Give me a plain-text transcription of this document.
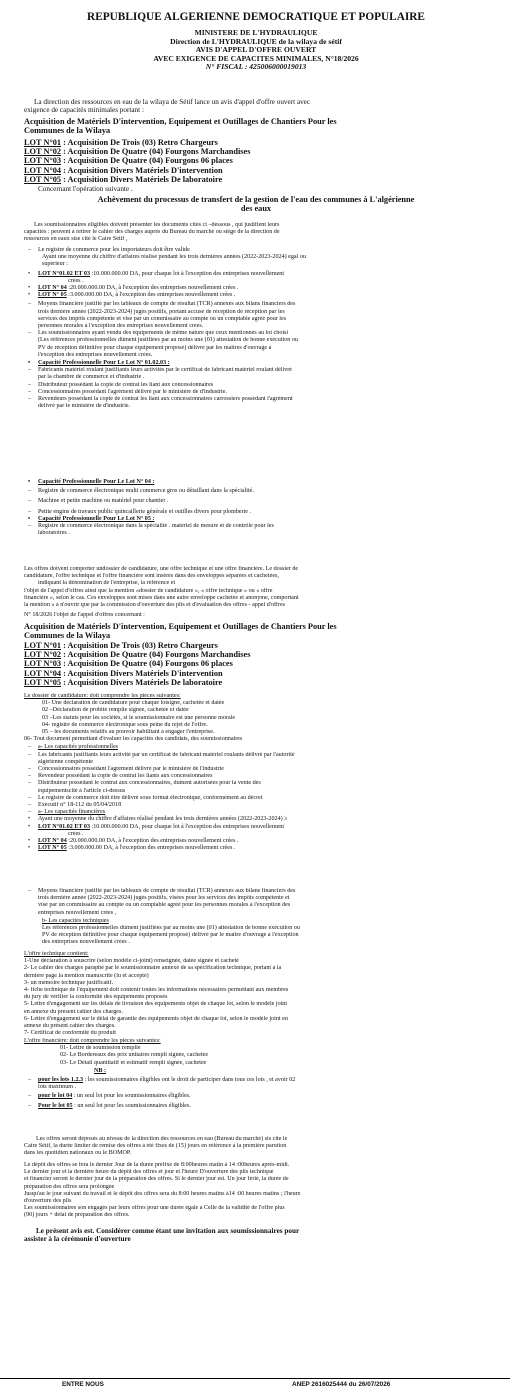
REPUBLIQUE ALGERIENNE DEMOCRATIQUE ET POPULAIRE
MINISTERE DE L'HYDRAULIQUE
Direction de L'HYDRAULIQUE de la wilaya de sétif
AVIS D'APPEL D'OFFRE OUVERT
AVEC EXIGENCE DE CAPACITES MINIMALES, N°18/2026
N° FISCAL : 425006000019013
La direction des ressources en eau de la wilaya de Sétif lance un avis d'appel d'offre ouvert avec
exigence de capacités minimales portant :
Acquisition de Matériels D'intervention, Equipement et Outillages de Chantiers Pour les
Communes de la Wilaya
LOT N°01 : Acquisition De Trois (03) Retro Chargeurs
LOT N°02 : Acquisition De Quatre (04) Fourgons Marchandises
LOT N°03 : Acquisition De Quatre (04) Fourgons 06 places
LOT N°04 : Acquisition Divers Matériels D'intervention
LOT N°05 : Acquisition Divers Matériels De laboratoire
Concernant l'opération suivante .
Achèvement du processus de transfert de la gestion de l'eau des communes à L'algérienne
des eaux
Les soumissionnaires éligibles doivent présenter les documents cités ci –dessous , qui justifient leurs
capacités : peuvent à retirer le cahier des charges auprès du Bureau du marché ou siège de la direction de
ressources en eaux sise cité le Caire Sétif ,
– Le registre de commerce pour les importateurs doit être valide
Ayant une moyenne du chiffre d'affaires réalisé pendant les trois dernières années (2022-2023-2024) égal ou
supérieur :
• LOT N°01.02 ET 03 :10.000.000.00 DA, pour chaque lot à l'exception des entreprises nouvellement
crées .
• LOT N° 04 :20.000.000.00 DA, à l'exception des entreprises nouvellement crées .
• LOT N° 05 :3.000.000.00 DA, à l'exception des entreprises nouvellement crées .
– Moyens financière justifié par les tableaux de compte de résultat (TCR) annexés aux bilans financiers des
trois dernière année (2022-2023-2024) jugés positifs, portant accusé de réception de réception par les
services des impôts compétente et visé par un commissaire au compte ou un comptable agréé pour les
personnes morales à l'exception des entreprises nouvellement crées.
– Les soumissionnaires ayant vendu des équipements de même nature que ceux mentionnés au lot choisi
(Les références professionnelles dûment justifiées par au moins une (01) attestation de bonne exécution ou
PV de réception définitive pour chaque équipement proposé) délivré par les maîtres d'ouvrage à
l'exception des entreprises nouvellement crées.
• Capacité Professionnelle Pour Le Lot N° 01.02.03 :
– Fabricants matériel roulant justifiants leurs activités par le certificat de fabricant matériel roulant délivré
par la chambre de commerce et d'industrie .
– Distributeur possédant la copie de contrat les liant aux concessionnaires
– Concessionnaires possédant l'agrément délivré par le ministère de d'industrie.
– Revendeurs possédant la copie de contrat les liant aux concessionnaires carrossiers possédant l'agrément
délivré par le ministère de d'industrie.
• Capacité Professionnelle Pour Le Lot N° 04 :
– Registre de commerce électronique multi commerce gros ou détaillant dans la spécialité.
– Machine et petite machine ou matériel pour chantier .
– Petite engins de travaux public quincaillerie générale et outilles divers pour plomberie .
• Capacité Professionnelle Pour Le Lot N° 05 :
– Registre de commerce électronique dans la spécialité . matériel de mesure et de contrôle pour les
laboratoires .
Les offres doivent comporter undossier de candidature, une offre technique et une offre financière. Le dossier de
candidature, l'offre technique et l'offre financière sont insérés dans des enveloppes séparées et cachetées,
indiquant la dénomination de l'entreprise, la référence et
l'objet de l'appel d'offres ainsi que la mention «dossier de candidature », « offre technique » ou « offre
financière », selon le cas. Ces enveloppes sont mises dans une autre enveloppe cachetée et anonyme, comportant
la mention « à n'ouvrir que par la commission d'ouverture des plis et d'évaluation des offres - appel d'offres
N° 18/2026 l'objet de l'appel d'offres concernant :
Acquisition de Matériels D'intervention, Equipement et Outillages de Chantiers Pour les
Communes de la Wilaya
LOT N°01 : Acquisition De Trois (03) Retro Chargeurs
LOT N°02 : Acquisition De Quatre (04) Fourgons Marchandises
LOT N°03 : Acquisition De Quatre (04) Fourgons 06 places
LOT N°04 : Acquisition Divers Matériels D'intervention
LOT N°05 : Acquisition Divers Matériels De laboratoire
Le dossier de candidature: doit comprendre les pièces suivantes:
01- Une déclaration de candidature pour chaque lotsigné, cachetée et datée
02 –Déclaration de probité remplie signée, cachetée et datée
03 –Les statuts pour les sociétés, si le soumissionnaire est une personne morale
04- registre de commerce électronique sous peine du rejet de l'offre.
05 – les documents relatifs au pouvoir habilitant à engager l'entreprise.
06- Tout document permettant d'évaluer les capacités des candidats, des soumissionnaires
– a- Les capacités professionnelles
– Les fabricants justifiants leurs activité par un certificat de fabricant matériel roulants délivré par l'autorité
algérienne compétente
– Concessionnaires possédant l'agrément délivré par le ministère de l'industrie
– Revendeur possédant la copie de contrat les liants aux concessionnaires
– Distributeur possédant le contrat aux concessionnaires, dument autorisées pour la vente des
équipementscité à l'article ci-dessus
– Le registre de commerce doit être délivré sous format électronique, conformément au décret
– Exécutif n° 18-112 du 05/04/2018
– a- Les capacités financières
• Ayant une moyenne du chiffre d'affaires réalisé pendant les trois dernières années (2022-2023-2024) ≥
• LOT N°01.02 ET 03 :10.000.000.00 DA, pour chaque lot à l'exception des entreprises nouvellement
crées .
• LOT N° 04 :20.000.000.00 DA, à l'exception des entreprises nouvellement crées .
• LOT N° 05 :3.000.000.00 DA, à l'exception des entreprises nouvellement crées .
– Moyens financière justifié par les tableaux de compte de résultat (TCR) annexés aux bilans financiers des
trois dernière année (2022-2023-2024) jugés positifs, visées pour les services des impôts compétente et
visé par un commissaire au compte ou un comptable agréé pour les personnes morales à l'exception des
entreprises nouvellement crées ,
b- Les capacités techniques
Les références professionnelles dûment justifiées par au moins une (01) attestation de bonne exécution ou
PV de réception définitive pour chaque équipement proposé) délivré par le maître d'ouvrage à l'exception
des entreprises nouvellement crées .
L'offre technique contient:
1-Une déclaration à souscrire (selon modèle ci-joint) renseignée, datée signée et cacheté
2- Le cahier des charges paraphé par le soumissionnaire annexé de sa spécification technique, portant à la
dernière page la mention manuscrite (lu et accepté)
3- un mémoire technique justificatif.
4- fiche technique de l'équipement doit contenir toutes les informations nécessaires permettant aux membres
du jury de vérifier la conformité des équipements proposés
5- Lettre d'engagement sur les délais de livraison des équipements objet de chaque lot, selon le modèle joint
en annexe du présent cahier des charges.
6- Lettre d'engagement sur le délai de garantie des équipements objet de chaque lot, selon le modèle joint en
annexe du présent cahier des charges.
7- Certificat de conformité du produit
L'offre financière: doit comprendre les pièces suivantes:
01- Lettre de soumission remplie
02- Le Bordereaux des prix unitaires rempli signée, cachetée
03- Le Détail quantitatif et estimatif rempli signée, cachetée
NB :
– pour les lots 1.2.3 : les soumissionnaires éligibles ont le droit de participer dans tous ces lots , et avoir 02
lots maximum .
– pour le lot 04 : un seul lot pour les soumissionnaires éligibles.
– Pour le lot 05 : un seul lot pour les soumissionnaires éligibles.
Les offres seront déposés au niveau de la direction des ressources en eau (Bureau du marché) sis cite le
Caire Sétif, la durée limiter de remise des offres à été fixes de (15) jours en référence à la première parution
dans les quotidien nationaux ou le BOMOP.
Le dépôt des offres se fera le dernier Jour de la durée préfixe de 8:00heures matin à 14 :00heures après-midi.
Le dernier jour et la dernière heure du dépôt des offres et jour et l'heure D'ouverture des plis technique
et financier seront le dernier jour de la préparation des offres. Si le dernier jour est. Un jour férié, la durée de
préparation des offres sera prolongée
Jusqu'au le jour suivant du travail et le dépôt des offres sera du 8:00 heures matins à14 :00 heures matins ; l'heure
d'ouverture des plis
Les soumissionnaires son engagés par leurs offres pour une durée égale à Celle de la validité de l'offre plus
(90) jours + délai de préparation des offres.
Le présent avis est. Considérer comme étant une invitation aux soumissionnaires pour
assister à la cérémonie d'ouverture
ENTRE NOUS	ANEP 2616025444 du 26/07/2026
